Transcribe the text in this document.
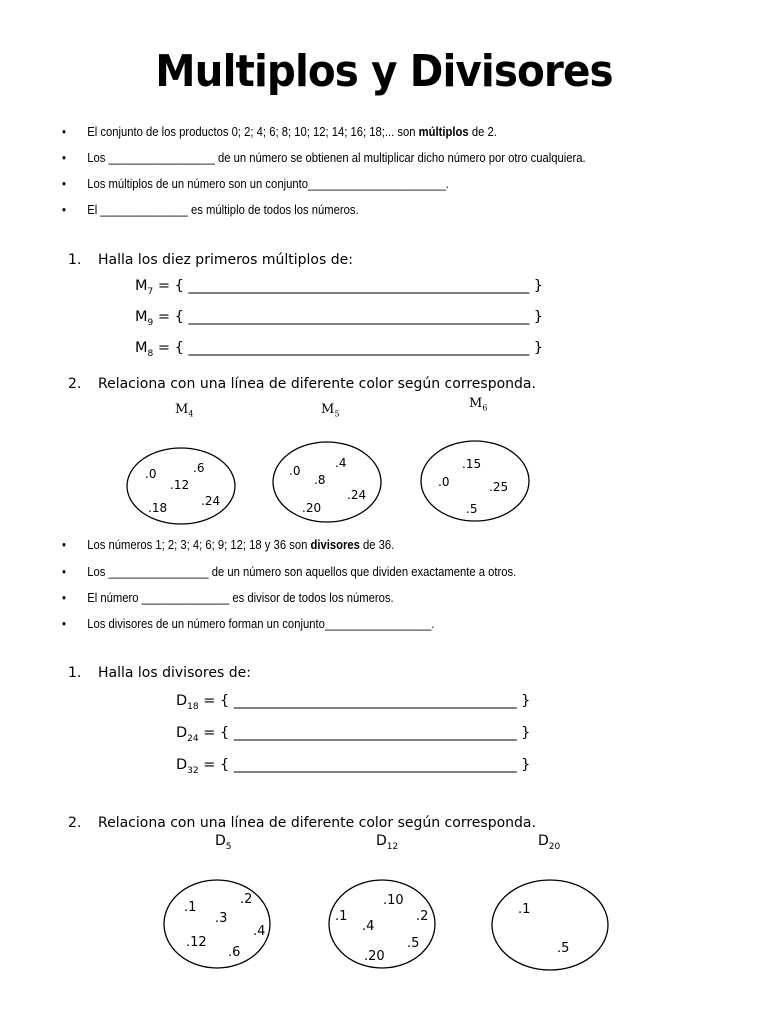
Multiplos y Divisores
• El conjunto de los productos 0; 2; 4; 6; 8; 10; 12; 14; 16; 18;... son múltiplos de 2.
• Los _________________ de un número se obtienen al multiplicar dicho número por otro cualquiera.
• Los múltiplos de un número son un conjunto______________________.
• El ______________ es múltiplo de todos los números.
1. Halla los diez primeros múltiplos de:
$M_7$ = { _______________________________________________ }
$M_9$ = { _______________________________________________ }
$M_8$ = { _______________________________________________ }
2. Relaciona con una línea de diferente color según corresponda.
$M_4$	$M_5$
$M_6$
.0	.6
.12
.24
.18
.0
.4
.8
.24
.20
.15
.0	.25
.5
.1
.2
.3
.4
.12
.6
.10
.1
.4
.2
.5
.20
.1
.5
• Los números 1; 2; 3; 4; 6; 9; 12; 18 y 36 son divisores de 36.
• Los ________________ de un número son aquellos que dividen exactamente a otros.
• El número ______________ es divisor de todos los números.
• Los divisores de un número forman un conjunto_________________.
1. Halla los divisores de:
$D_{18}$ = { _______________________________________ }
$D_{24}$ = { _______________________________________ }
$D_{32}$ = { _______________________________________ }
2. Relaciona con una línea de diferente color según corresponda.
$D_5$	$D_{12}$	$D_{20}$
